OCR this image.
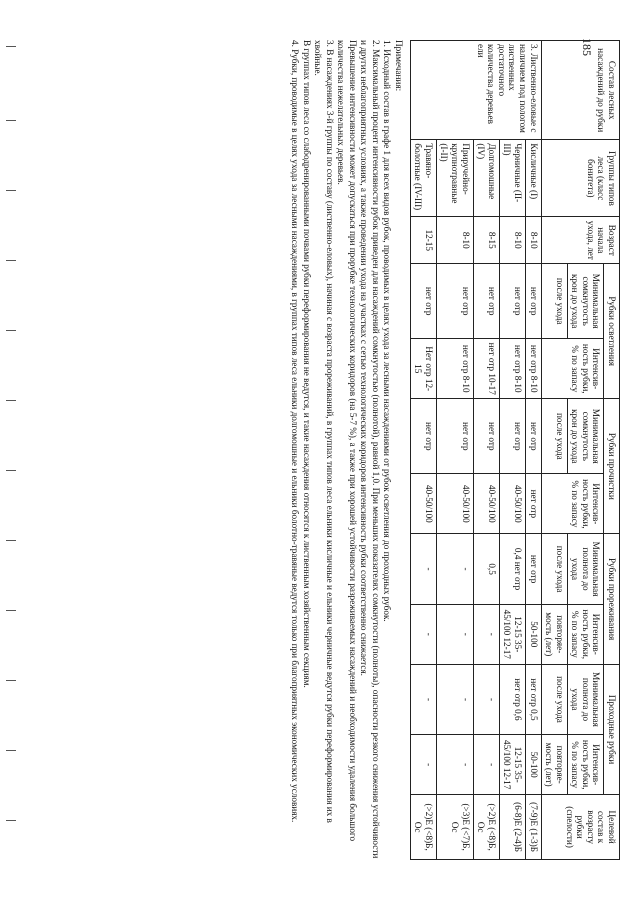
185
Состав лесных насаждений до рубки	Группы типов леса (класс бонитета)	Возраст начала ухода, лет	Рубки осветления		Рубки прочистки		Рубки прореживания		Проходные рубки		Целевой состав к возрасту рубки (спелости)
			Минимальная сомкнутость крон до ухода	Интенсив-ность рубки, % по запасу	Минимальная сомкнутость крон до ухода	Интенсив-ность рубки, % по запасу	Минимальная полнота до ухода	Интенсив-ность рубки, % по запасу	Минимальная полнота до ухода	Интенсив-ность рубки, % по запасу	
			после ухода		после ухода		после ухода	повторяе-мость (лет)	после ухода	повторяе-мость (лет)	
3. Лиственно-еловые с наличием под пологом лиственных достаточного количества деревьев ели	Кисличные (I)	8-10	нет отр	нет отр 8-10	нет отр	нет отр	нет отр	50-100	нет отр 0,5	50-100	(7-9)Е (1-3)Б
	Черничные (II-III)	8-10	нет отр	нет отр 8-10	нет отр	40-50/100	0,4 нет отр	12-15 35-45/100 12-17	нет отр 0,6	12-15 35-45/100 12-17	(6-8)Е (2-4)Б
	Долгомошные (IV)	8-15	нет отр	нет отр 10-17	нет отр	40-50/100	0,5	-	-	-	(>2)Е (<8)Б, Ос
	Приручейно-крупнотравные (I-II)	8-10	нет отр	нет отр 8-10	нет отр	40-50/100	-	-	-	-	(>3)Е (<7)Б, Ос
	Травяно-болотные (IV-III)	12-15	нет отр	Нет отр 12-15	нет отр	40-50/100	-	-	-	-	(>2)Е (<8)Б, Ос

Примечания:

1. Исходный состав в графе 1 для всех видов рубок, проводимых в целях ухода за лесными насаждениями от рубок осветления до проходных рубок.

2. Максимальный процент интенсивности рубок приведен для насаждений сомкнутостью (полнотой), равной 1,0. При меньших показателях сомкнутости (полноты), опасности резкого снижения устойчивости и других неблагоприятных условиях, а также проведении ухода на участках с сетью технологических коридоров интенсивность рубки соответственно снижается.

Превышение интенсивности может допускаться при прорубке технологических коридоров (на 5-7 %), а также при хорошей устойчивости разреживаемых насаждений и необходимости удаления большого количества нежелательных деревьев.

3. В насаждениях 3-й группы по составу (лиственно-еловых), начиная с возраста прореживаний, в группах типов леса ельники кисличные и ельники черничные ведутся рубки переформирования их в хвойные.

В группах типов леса со слабодренированными почвами рубки переформирования не ведутся, и такие насаждения относятся к лиственным хозяйственным секциям.

4. Рубки, проводимые в целях ухода за лесными насаждениями, в группах типов леса ельники долгомошные и ельники болотно-травяные ведутся только при благоприятных экономических условиях.
